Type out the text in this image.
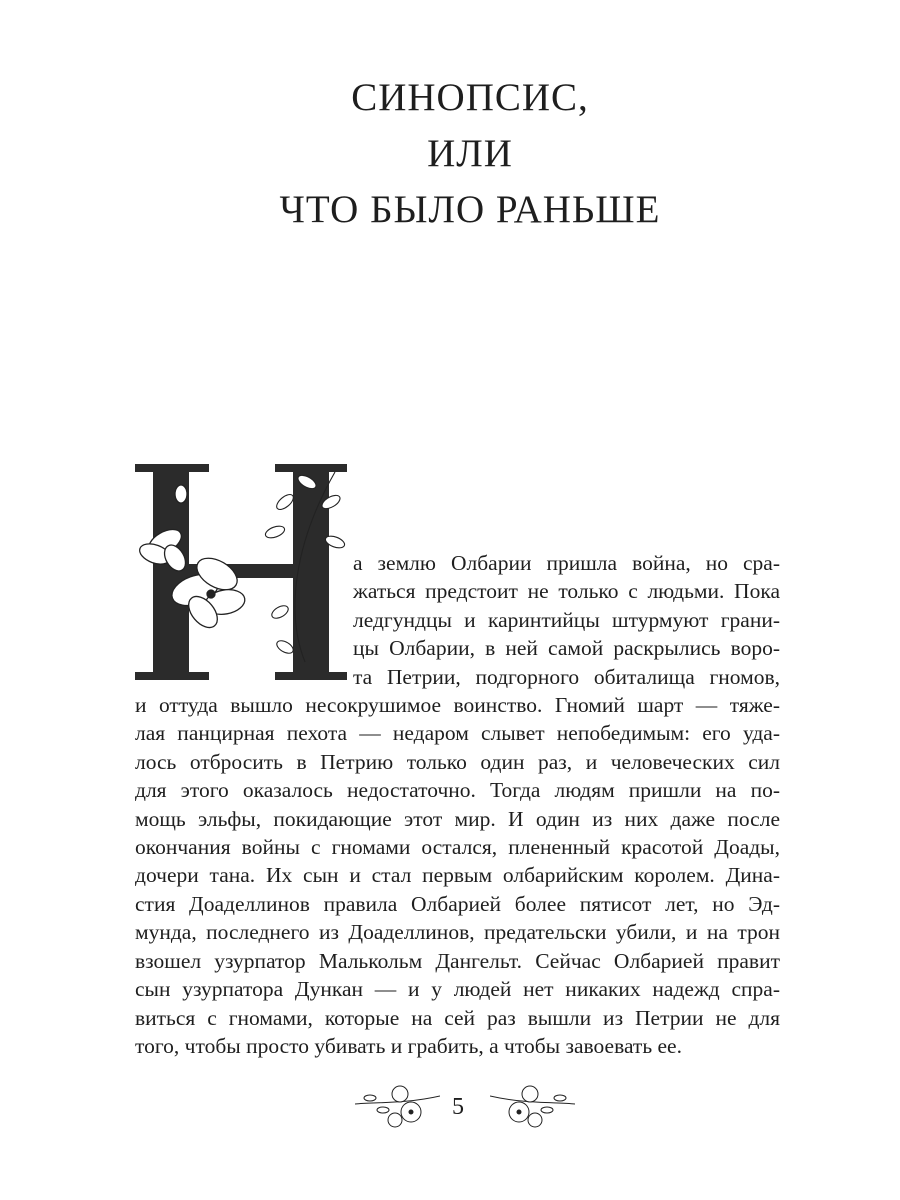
СИНОПСИС,
ИЛИ
ЧТО БЫЛО РАНЬШЕ
а землю Олбарии пришла война, но сра-
жаться предстоит не только с людьми. Пока
ледгундцы и каринтийцы штурмуют грани-
цы Олбарии, в ней самой раскрылись воро-
та Петрии, подгорного обиталища гномов,
и оттуда вышло несокрушимое воинство. Гномий шарт — тяже-
лая панцирная пехота — недаром слывет непобедимым: его уда-
лось отбросить в Петрию только один раз, и человеческих сил
для этого оказалось недостаточно. Тогда людям пришли на по-
мощь эльфы, покидающие этот мир. И один из них даже после
окончания войны с гномами остался, плененный красотой Доады,
дочери тана. Их сын и стал первым олбарийским королем. Дина-
стия Доаделлинов правила Олбарией более пятисот лет, но Эд-
мунда, последнего из Доаделлинов, предательски убили, и на трон
взошел узурпатор Малькольм Дангельт. Сейчас Олбарией правит
сын узурпатора Дункан — и у людей нет никаких надежд спра-
виться с гномами, которые на сей раз вышли из Петрии не для
того, чтобы просто убивать и грабить, а чтобы завоевать ее.
5
